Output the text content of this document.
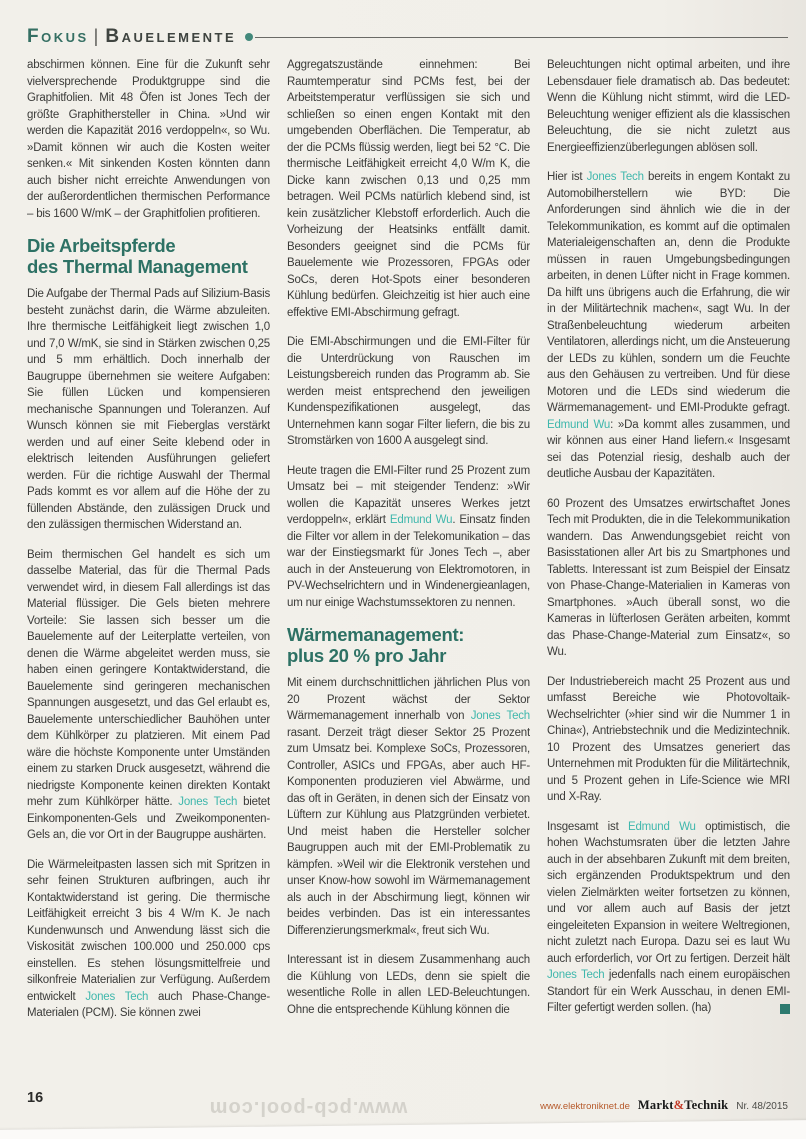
Fokus | Bauelemente

abschirmen können. Eine für die Zukunft sehr vielversprechende Produktgruppe sind die Graphitfolien. Mit 48 Öfen ist Jones Tech der größte Graphithersteller in China. »Und wir werden die Kapazität 2016 verdoppeln«, so Wu. »Damit können wir auch die Kosten weiter senken.« Mit sinkenden Kosten könnten dann auch bisher nicht erreichte Anwendungen von der außerordentlichen thermischen Performance – bis 1600 W/mK – der Graphitfolien profitieren.

Die Arbeitspferde
des Thermal Management

Die Aufgabe der Thermal Pads auf Silizium-Basis besteht zunächst darin, die Wärme abzuleiten. Ihre thermische Leitfähigkeit liegt zwischen 1,0 und 7,0 W/mK, sie sind in Stärken zwischen 0,25 und 5 mm erhältlich. Doch innerhalb der Baugruppe übernehmen sie weitere Aufgaben: Sie füllen Lücken und kompensieren mechanische Spannungen und Toleranzen. Auf Wunsch können sie mit Fieberglas verstärkt werden und auf einer Seite klebend oder in elektrisch leitenden Ausführungen geliefert werden. Für die richtige Auswahl der Thermal Pads kommt es vor allem auf die Höhe der zu füllenden Abstände, den zulässigen Druck und den zulässigen thermischen Widerstand an.

Beim thermischen Gel handelt es sich um dasselbe Material, das für die Thermal Pads verwendet wird, in diesem Fall allerdings ist das Material flüssiger. Die Gels bieten mehrere Vorteile: Sie lassen sich besser um die Bauelemente auf der Leiterplatte verteilen, von denen die Wärme abgeleitet werden muss, sie haben einen geringere Kontaktwiderstand, die Bauelemente sind geringeren mechanischen Spannungen ausgesetzt, und das Gel erlaubt es, Bauelemente unterschiedlicher Bauhöhen unter dem Kühlkörper zu platzieren. Mit einem Pad wäre die höchste Komponente unter Umständen einem zu starken Druck ausgesetzt, während die niedrigste Komponente keinen direkten Kontakt mehr zum Kühlkörper hätte. Jones Tech bietet Einkomponenten-Gels und Zweikomponenten-Gels an, die vor Ort in der Baugruppe aushärten.

Die Wärmeleitpasten lassen sich mit Spritzen in sehr feinen Strukturen aufbringen, auch ihr Kontaktwiderstand ist gering. Die thermische Leitfähigkeit erreicht 3 bis 4 W/m K. Je nach Kundenwunsch und Anwendung lässt sich die Viskosität zwischen 100.000 und 250.000 cps einstellen. Es stehen lösungsmittelfreie und silkonfreie Materialien zur Verfügung. Außerdem entwickelt Jones Tech auch Phase-Change-Materialen (PCM). Sie können zwei

Aggregatszustände einnehmen: Bei Raumtemperatur sind PCMs fest, bei der Arbeitstemperatur verflüssigen sie sich und schließen so einen engen Kontakt mit den umgebenden Oberflächen. Die Temperatur, ab der die PCMs flüssig werden, liegt bei 52 °C. Die thermische Leitfähigkeit erreicht 4,0 W/m K, die Dicke kann zwischen 0,13 und 0,25 mm betragen. Weil PCMs natürlich klebend sind, ist kein zusätzlicher Klebstoff erforderlich. Auch die Vorheizung der Heatsinks entfällt damit. Besonders geeignet sind die PCMs für Bauelemente wie Prozessoren, FPGAs oder SoCs, deren Hot-Spots einer besonderen Kühlung bedürfen. Gleichzeitig ist hier auch eine effektive EMI-Abschirmung gefragt.

Die EMI-Abschirmungen und die EMI-Filter für die Unterdrückung von Rauschen im Leistungsbereich runden das Programm ab. Sie werden meist entsprechend den jeweiligen Kundenspezifikationen ausgelegt, das Unternehmen kann sogar Filter liefern, die bis zu Stromstärken von 1600 A ausgelegt sind.

Heute tragen die EMI-Filter rund 25 Prozent zum Umsatz bei – mit steigender Tendenz: »Wir wollen die Kapazität unseres Werkes jetzt verdoppeln«, erklärt Edmund Wu. Einsatz finden die Filter vor allem in der Telekomunikation – das war der Einstiegsmarkt für Jones Tech –, aber auch in der Ansteuerung von Elektromotoren, in PV-Wechselrichtern und in Windenergieanlagen, um nur einige Wachstumssektoren zu nennen.

Wärmemanagement:
plus 20 % pro Jahr

Mit einem durchschnittlichen jährlichen Plus von 20 Prozent wächst der Sektor Wärmemanagement innerhalb von Jones Tech rasant. Derzeit trägt dieser Sektor 25 Prozent zum Umsatz bei. Komplexe SoCs, Prozessoren, Controller, ASICs und FPGAs, aber auch HF-Komponenten produzieren viel Abwärme, und das oft in Geräten, in denen sich der Einsatz von Lüftern zur Kühlung aus Platzgründen verbietet. Und meist haben die Hersteller solcher Baugruppen auch mit der EMI-Problematik zu kämpfen. »Weil wir die Elektronik verstehen und unser Know-how sowohl im Wärmemanagement als auch in der Abschirmung liegt, können wir beides verbinden. Das ist ein interessantes Differenzierungsmerkmal«, freut sich Wu.

Interessant ist in diesem Zusammenhang auch die Kühlung von LEDs, denn sie spielt die wesentliche Rolle in allen LED-Beleuchtungen. Ohne die entsprechende Kühlung können die

Beleuchtungen nicht optimal arbeiten, und ihre Lebensdauer fiele dramatisch ab. Das bedeutet: Wenn die Kühlung nicht stimmt, wird die LED-Beleuchtung weniger effizient als die klassischen Beleuchtung, die sie nicht zuletzt aus Energieeffizienzüberlegungen ablösen soll.

Hier ist Jones Tech bereits in engem Kontakt zu Automobilherstellern wie BYD: Die Anforderungen sind ähnlich wie die in der Telekommunikation, es kommt auf die optimalen Materialeigenschaften an, denn die Produkte müssen in rauen Umgebungsbedingungen arbeiten, in denen Lüfter nicht in Frage kommen. Da hilft uns übrigens auch die Erfahrung, die wir in der Militärtechnik machen«, sagt Wu. In der Straßenbeleuchtung wiederum arbeiten Ventilatoren, allerdings nicht, um die Ansteuerung der LEDs zu kühlen, sondern um die Feuchte aus den Gehäusen zu vertreiben. Und für diese Motoren und die LEDs sind wiederum die Wärmemanagement- und EMI-Produkte gefragt. Edmund Wu: »Da kommt alles zusammen, und wir können aus einer Hand liefern.« Insgesamt sei das Potenzial riesig, deshalb auch der deutliche Ausbau der Kapazitäten.

60 Prozent des Umsatzes erwirtschaftet Jones Tech mit Produkten, die in die Telekommunikation wandern. Das Anwendungsgebiet reicht von Basisstationen aller Art bis zu Smartphones und Tabletts. Interessant ist zum Beispiel der Einsatz von Phase-Change-Materialien in Kameras von Smartphones. »Auch überall sonst, wo die Kameras in lüfterlosen Geräten arbeiten, kommt das Phase-Change-Material zum Einsatz«, so Wu.

Der Industriebereich macht 25 Prozent aus und umfasst Bereiche wie Photovoltaik-Wechselrichter (»hier sind wir die Nummer 1 in China«), Antriebstechnik und die Medizintechnik. 10 Prozent des Umsatzes generiert das Unternehmen mit Produkten für die Militärtechnik, und 5 Prozent gehen in Life-Science wie MRI und X-Ray.

Insgesamt ist Edmund Wu optimistisch, die hohen Wachstumsraten über die letzten Jahre auch in der absehbaren Zukunft mit dem breiten, sich ergänzenden Produktspektrum und den vielen Zielmärkten weiter fortsetzen zu können, und vor allem auch auf Basis der jetzt eingeleiteten Expansion in weitere Weltregionen, nicht zuletzt nach Europa. Dazu sei es laut Wu auch erforderlich, vor Ort zu fertigen. Derzeit hält Jones Tech jedenfalls nach einem europäischen Standort für ein Werk Ausschau, in denen EMI-Filter gefertigt werden sollen. (ha)

www.pcb-pool.com
16
www.elektroniknet.de Markt&Technik Nr. 48/2015
